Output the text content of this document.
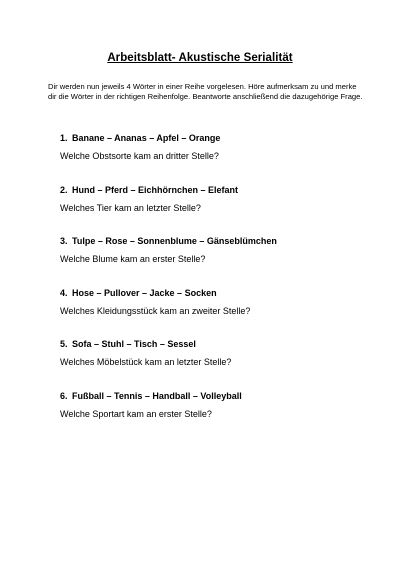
Arbeitsblatt- Akustische Serialität
Dir werden nun jeweils 4 Wörter in einer Reihe vorgelesen. Höre aufmerksam zu und merke dir die Wörter in der richtigen Reihenfolge. Beantworte anschließend die dazugehörige Frage.
1. Banane – Ananas – Apfel – Orange
Welche Obstsorte kam an dritter Stelle?
2. Hund – Pferd – Eichhörnchen – Elefant
Welches Tier kam an letzter Stelle?
3. Tulpe – Rose – Sonnenblume – Gänseblümchen
Welche Blume kam an erster Stelle?
4. Hose – Pullover – Jacke – Socken
Welches Kleidungsstück kam an zweiter Stelle?
5. Sofa – Stuhl – Tisch – Sessel
Welches Möbelstück kam an letzter Stelle?
6. Fußball – Tennis – Handball – Volleyball
Welche Sportart kam an erster Stelle?
